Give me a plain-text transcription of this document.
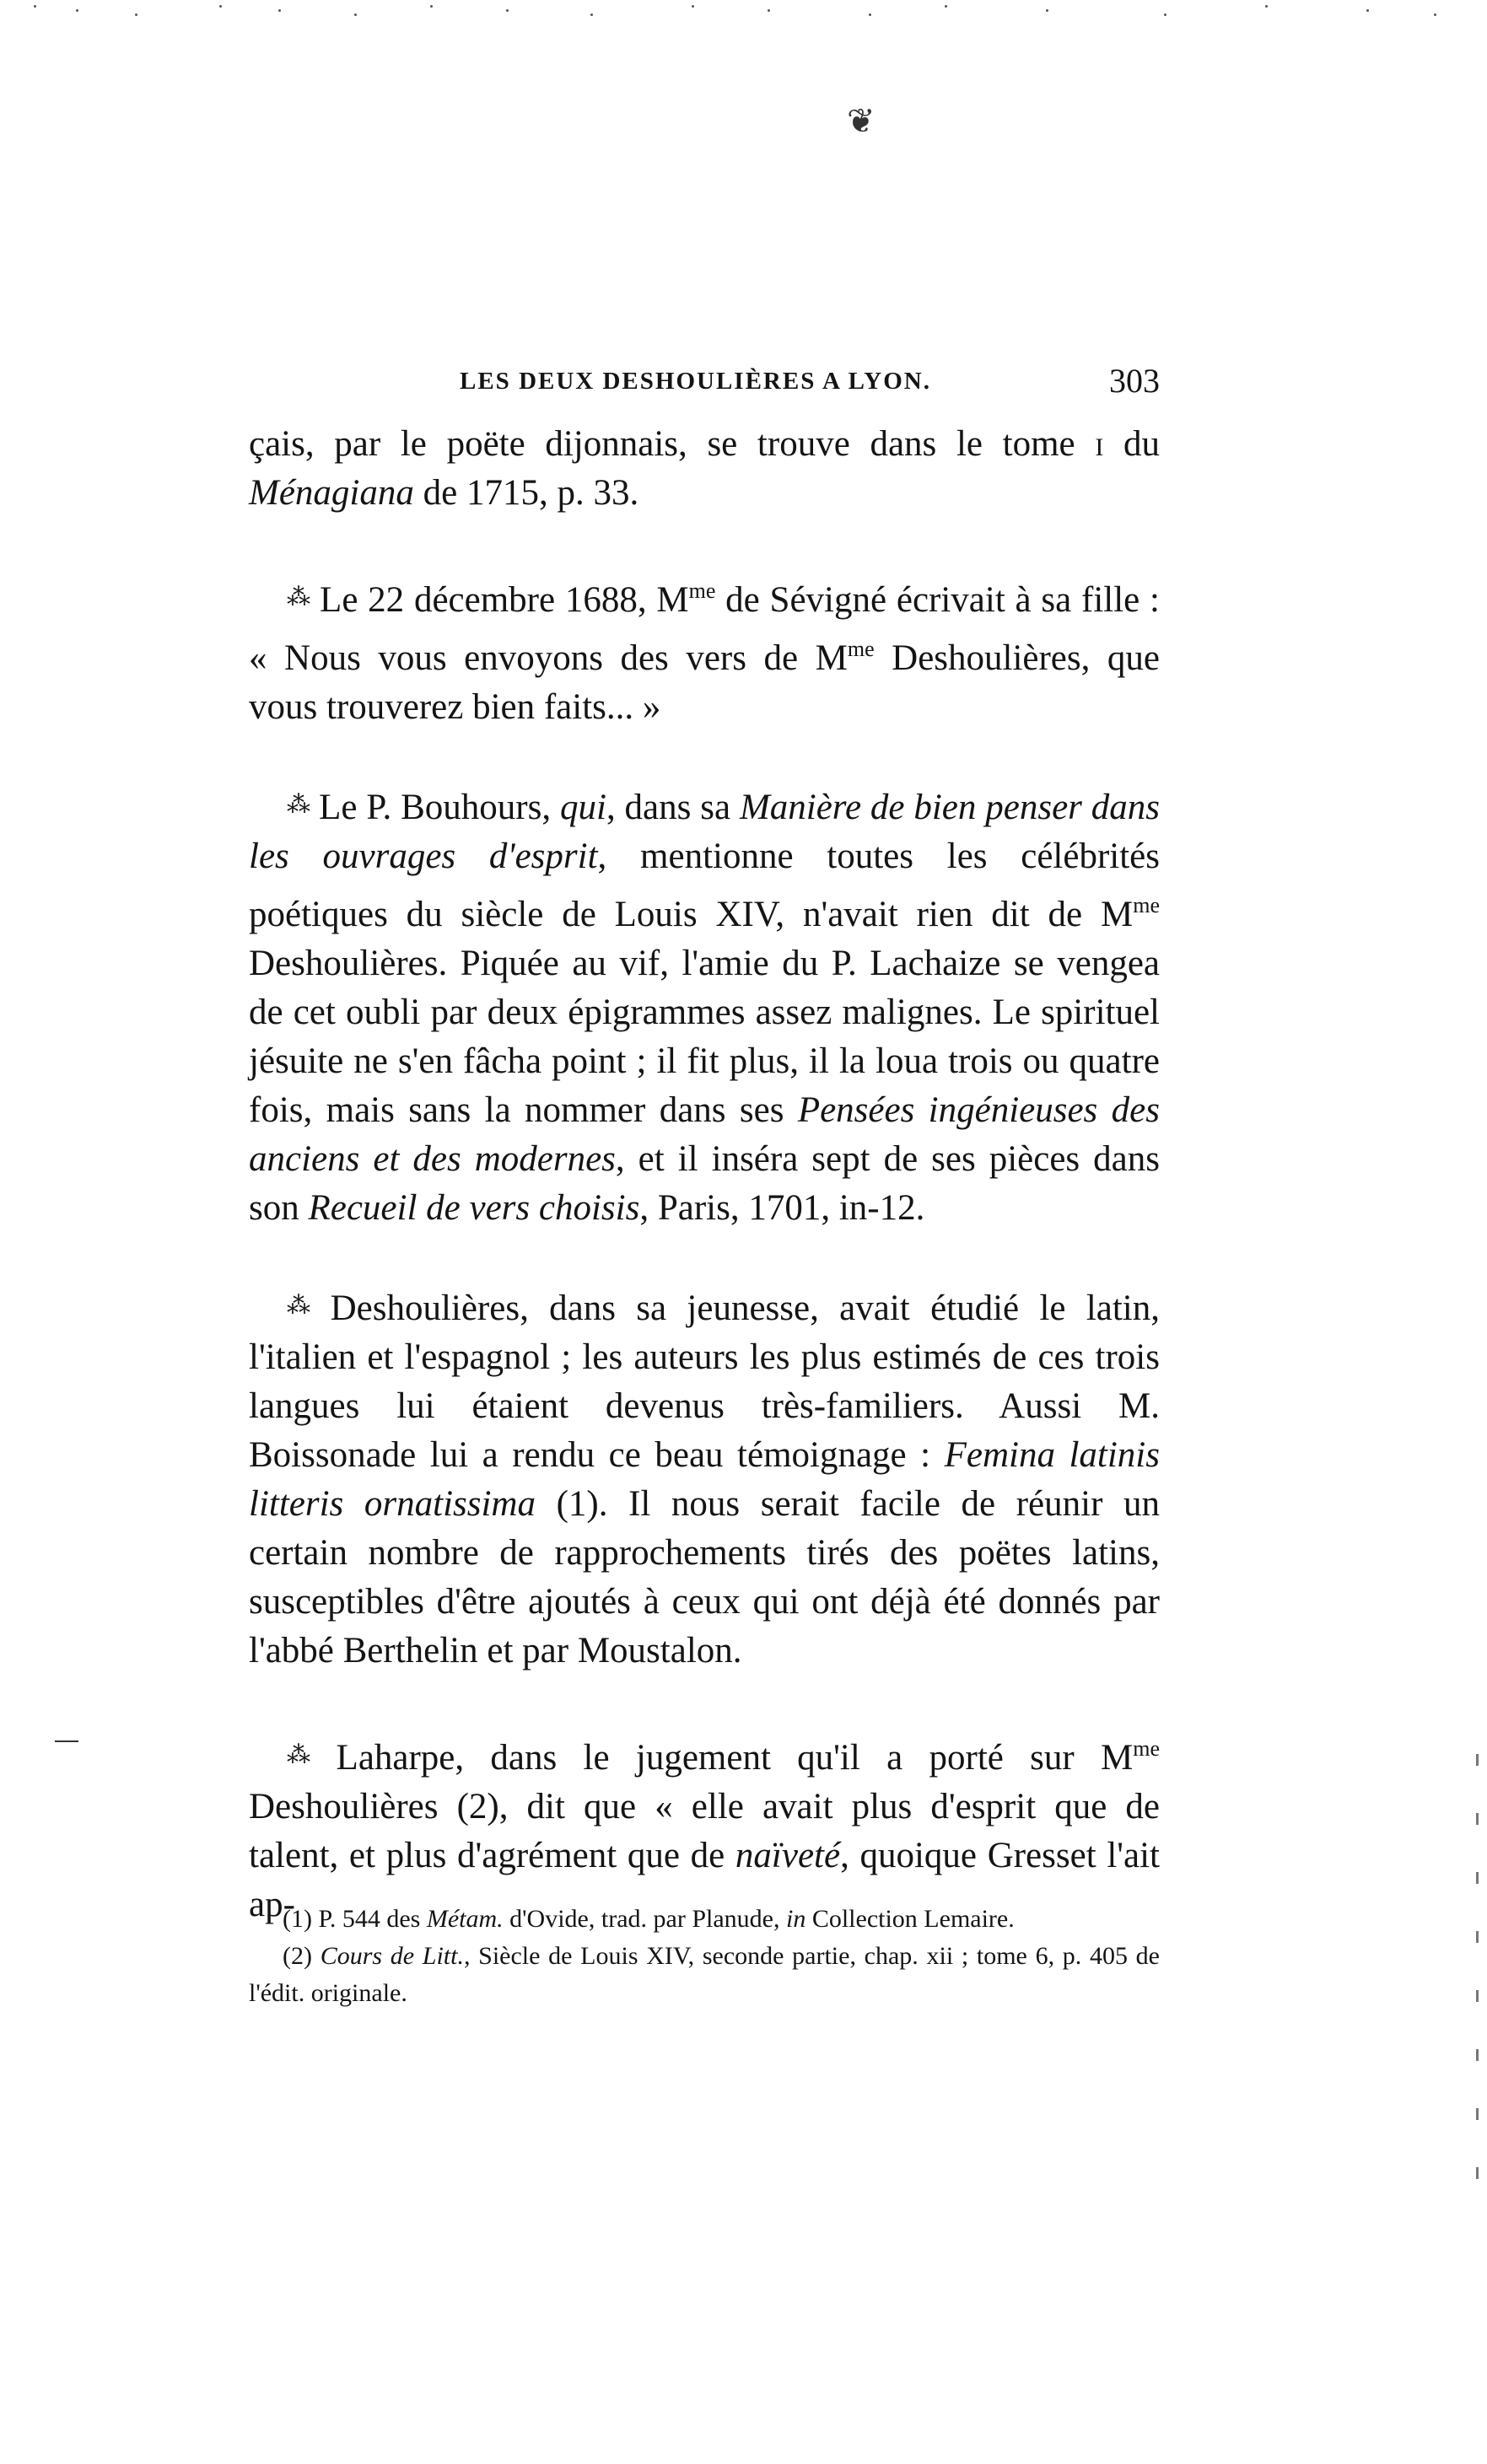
❦
LES DEUX DESHOULIÈRES A LYON.	303

çais, par le poëte dijonnais, se trouve dans le tome i du Ménagiana de 1715, p. 33.

⁂ Le 22 décembre 1688, $M^{me}$ de Sévigné écrivait à sa fille : « Nous vous envoyons des vers de $M^{me}$ Deshoulières, que vous trouverez bien faits... »

⁂ Le P. Bouhours, qui, dans sa Manière de bien penser dans les ouvrages d'esprit, mentionne toutes les célébrités poétiques du siècle de Louis XIV, n'avait rien dit de $M^{me}$ Deshoulières. Piquée au vif, l'amie du P. Lachaize se vengea de cet oubli par deux épigrammes assez malignes. Le spirituel jésuite ne s'en fâcha point ; il fit plus, il la loua trois ou quatre fois, mais sans la nommer dans ses Pensées ingénieuses des anciens et des modernes, et il inséra sept de ses pièces dans son Recueil de vers choisis, Paris, 1701, in-12.

⁂ Deshoulières, dans sa jeunesse, avait étudié le latin, l'italien et l'espagnol ; les auteurs les plus estimés de ces trois langues lui étaient devenus très-familiers. Aussi M. Boissonade lui a rendu ce beau témoignage : Femina latinis litteris ornatissima (1). Il nous serait facile de réunir un certain nombre de rapprochements tirés des poëtes latins, susceptibles d'être ajoutés à ceux qui ont déjà été donnés par l'abbé Berthelin et par Moustalon.

⁂ Laharpe, dans le jugement qu'il a porté sur $M^{me}$ Deshoulières (2), dit que « elle avait plus d'esprit que de talent, et plus d'agrément que de naïveté, quoique Gresset l'ait ap-

(1) P. 544 des Métam. d'Ovide, trad. par Planude, in Collection Lemaire.

(2) Cours de Litt., Siècle de Louis XIV, seconde partie, chap. xii ; tome 6, p. 405 de l'édit. originale.
